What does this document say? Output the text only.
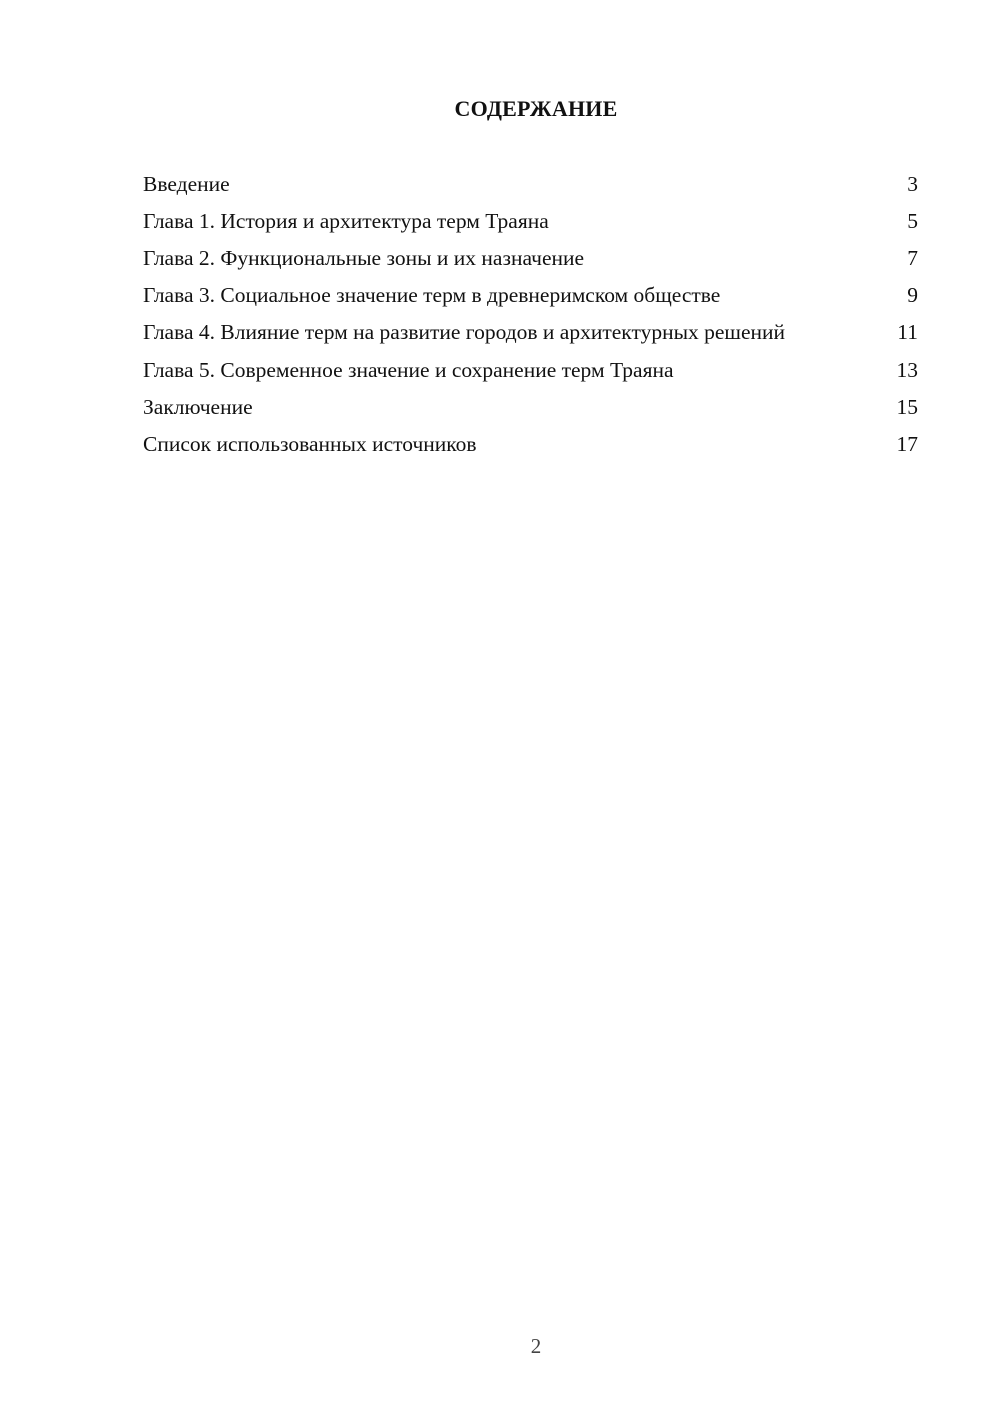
СОДЕРЖАНИЕ
Введение	3
Глава 1. История и архитектура терм Траяна	5
Глава 2. Функциональные зоны и их назначение	7
Глава 3. Социальное значение терм в древнеримском обществе	9
Глава 4. Влияние терм на развитие городов и архитектурных решений	11
Глава 5. Современное значение и сохранение терм Траяна	13
Заключение	15
Список использованных источников	17
2
